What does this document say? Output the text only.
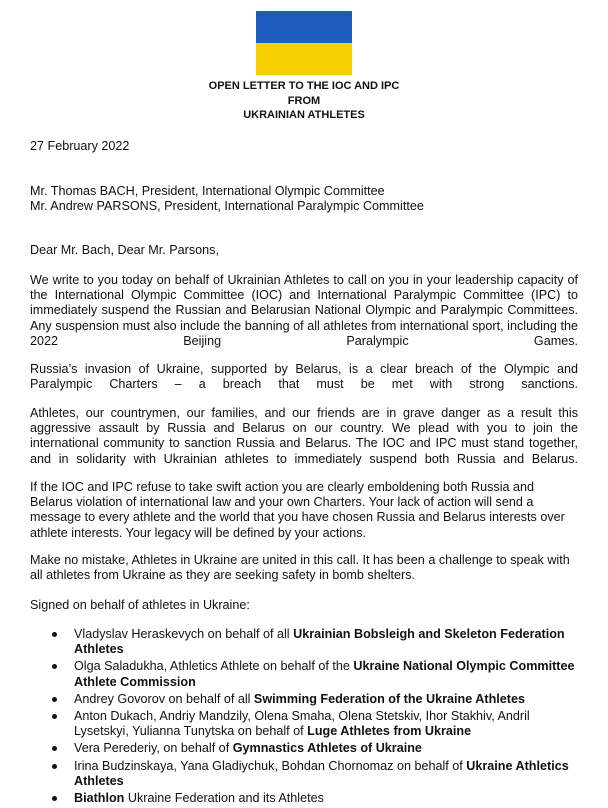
OPEN LETTER TO THE IOC AND IPC
FROM
UKRAINIAN ATHLETES
27 February 2022
Mr. Thomas BACH, President, International Olympic Committee
Mr. Andrew PARSONS, President, International Paralympic Committee
Dear Mr. Bach, Dear Mr. Parsons,
We write to you today on behalf of Ukrainian Athletes to call on you in your leadership capacity of the International Olympic Committee (IOC) and International Paralympic Committee (IPC) to immediately suspend the Russian and Belarusian National Olympic and Paralympic Committees. Any suspension must also include the banning of all athletes from international sport, including the 2022 Beijing Paralympic Games.
Russia’s invasion of Ukraine, supported by Belarus, is a clear breach of the Olympic and Paralympic Charters – a breach that must be met with strong sanctions.
Athletes, our countrymen, our families, and our friends are in grave danger as a result this aggressive assault by Russia and Belarus on our country. We plead with you to join the international community to sanction Russia and Belarus. The IOC and IPC must stand together, and in solidarity with Ukrainian athletes to immediately suspend both Russia and Belarus.
If the IOC and IPC refuse to take swift action you are clearly emboldening both Russia and Belarus violation of international law and your own Charters. Your lack of action will send a message to every athlete and the world that you have chosen Russia and Belarus interests over athlete interests. Your legacy will be defined by your actions.
Make no mistake, Athletes in Ukraine are united in this call. It has been a challenge to speak with all athletes from Ukraine as they are seeking safety in bomb shelters.
Signed on behalf of athletes in Ukraine:
Vladyslav Heraskevych on behalf of all Ukrainian Bobsleigh and Skeleton Federation Athletes
Olga Saladukha, Athletics Athlete on behalf of the Ukraine National Olympic Committee Athlete Commission
Andrey Govorov on behalf of all Swimming Federation of the Ukraine Athletes
Anton Dukach, Andriy Mandzily, Olena Smaha, Olena Stetskiv, Ihor Stakhiv, Andril Lysetskyi, Yulianna Tunytska on behalf of Luge Athletes from Ukraine
Vera Perederiy, on behalf of Gymnastics Athletes of Ukraine
Irina Budzinskaya, Yana Gladiychuk, Bohdan Chornomaz on behalf of Ukraine Athletics Athletes
Biathlon Ukraine Federation and its Athletes
